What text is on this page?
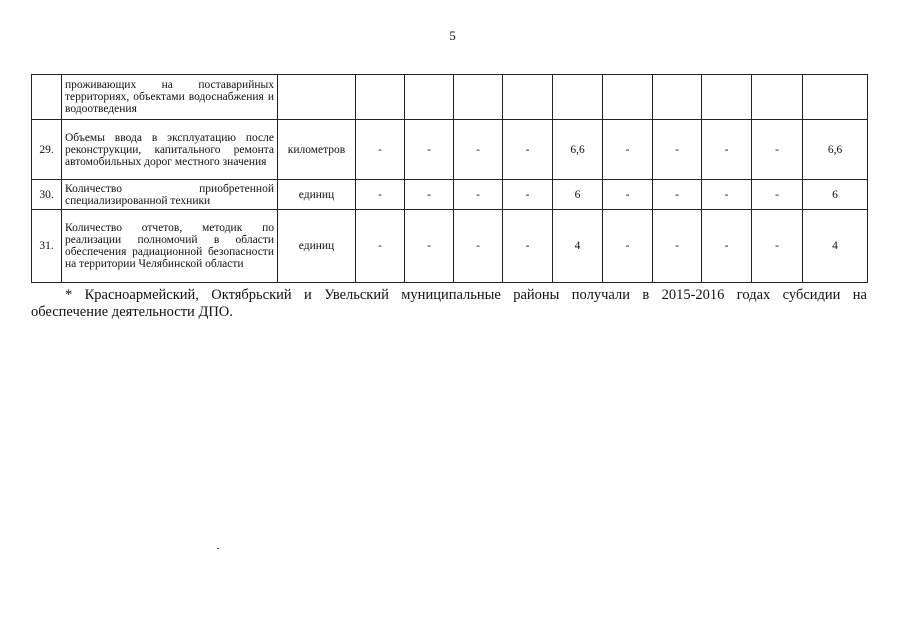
5
	проживающих на поставарийных территориях, объектами водоснабжения и водоотведения											
29.	Объемы ввода в эксплуатацию после реконструкции, капитального ремонта автомобильных дорог местного значения	километров	-	-	-	-	6,6	-	-	-	-	6,6
30.	Количество приобретенной специализированной техники	единиц	-	-	-	-	6	-	-	-	-	6
31.	Количество отчетов, методик по реализации полномочий в области обеспечения радиационной безопасности на территории Челябинской области	единиц	-	-	-	-	4	-	-	-	-	4
* Красноармейский, Октябрьский и Увельский муниципальные районы получали в 2015-2016 годах субсидии на
обеспечение деятельности ДПО.
